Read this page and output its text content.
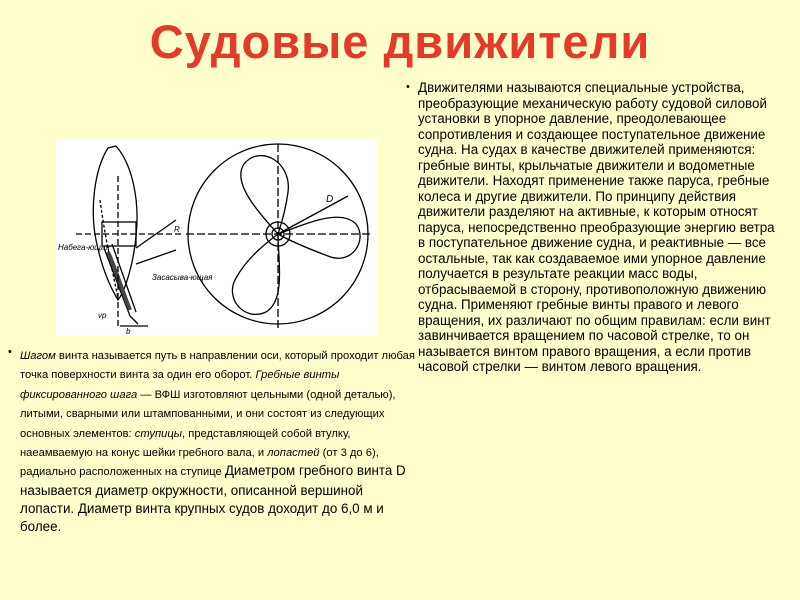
Судовые движители
Набега-ющая
Засасыва-ющая
D
R
b
vp
• Движителями называются специальные устройства, преобразующие механическую работу судовой силовой установки в упорное давление, преодолевающее сопротивления и создающее поступательное движение судна. На судах в качестве движителей применяются: гребные винты, крыльчатые движители и водометные движители. Находят применение также паруса, гребные колеса и другие движители. По принципу действия движители разделяют на активные, к которым относят паруса, непосредственно преобразующие энергию ветра в поступательное движение судна, и реактивные — все остальные, так как создаваемое ими упорное давление получается в результате реакции масс воды, отбрасываемой в сторону, противоположную движению судна. Применяют гребные винты правого и левого вращения, их различают по общим правилам: если винт завинчивается вращением по часовой стрелке, то он называется винтом правого вращения, а если против часовой стрелки — винтом левого вращения.
• Шагом винта называется путь в направлении оси, который проходит любая точка поверхности винта за один его оборот. Гребные винты фиксированного шага — ВФШ изготовляют цельными (одной деталью), литыми, сварными или штампованными, и они состоят из следующих основных элементов: ступицы, представляющей собой втулку, наеамваемую на конус шейки гребного вала, и лопастей (от 3 до 6), радиально расположенных на ступице Диаметром гребного винта D называется диаметр окружности, описанной вершиной лопасти. Диаметр винта крупных судов доходит до 6,0 м и более.
